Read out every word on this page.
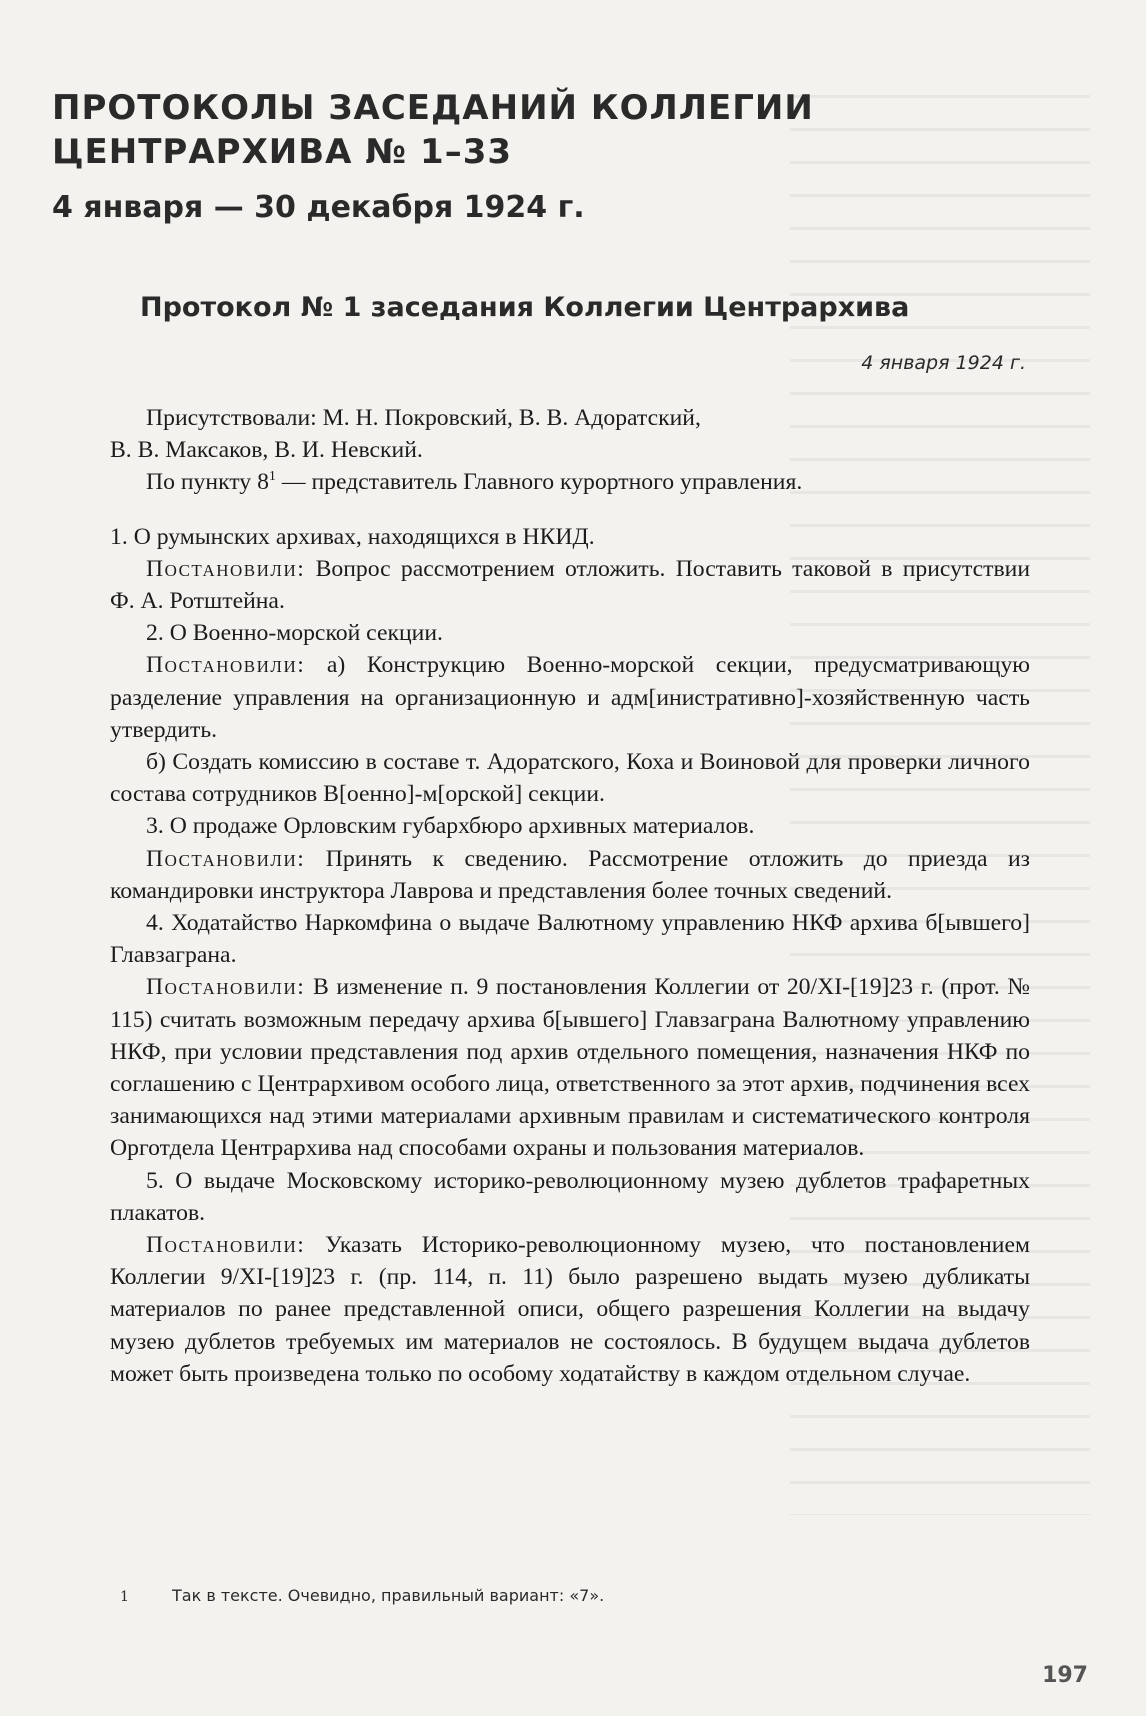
ПРОТОКОЛЫ ЗАСЕДАНИЙ КОЛЛЕГИИ
ЦЕНТРАРХИВА № 1–33
4 января — 30 декабря 1924 г.
Протокол № 1 заседания Коллегии Центрархива
4 января 1924 г.

Присутствовали: М. Н. Покровский, В. В. Адоратский,
В. В. Максаков, В. И. Невский.

По пункту 8$^1$ — представитель Главного курортного управления.

1. О румынских архивах, находящихся в НКИД.

Постановили: Вопрос рассмотрением отложить. Поставить таковой в присутствии Ф. А. Ротштейна.

2. О Военно-морской секции.

Постановили: а) Конструкцию Военно-морской секции, предусматривающую разделение управления на организационную и адм[инистративно]-хозяйственную часть утвердить.

б) Создать комиссию в составе т. Адоратского, Коха и Воиновой для проверки личного состава сотрудников В[оенно]-м[орской] секции.

3. О продаже Орловским губархбюро архивных материалов.

Постановили: Принять к сведению. Рассмотрение отложить до приезда из командировки инструктора Лаврова и представления более точных сведений.

4. Ходатайство Наркомфина о выдаче Валютному управлению НКФ архива б[ывшего] Главзаграна.

Постановили: В изменение п. 9 постановления Коллегии от 20/XI-[19]23 г. (прот. № 115) считать возможным передачу архива б[ывшего] Главзаграна Валютному управлению НКФ, при условии представления под архив отдельного помещения, назначения НКФ по соглашению с Центрархивом особого лица, ответственного за этот архив, подчинения всех занимающихся над этими материалами архивным правилам и систематического контроля Орготдела Центрархива над способами охраны и пользования материалов.

5. О выдаче Московскому историко-революционному музею дублетов трафаретных плакатов.

Постановили: Указать Историко-революционному музею, что постановлением Коллегии 9/XI-[19]23 г. (пр. 114, п. 11) было разрешено выдать музею дубликаты материалов по ранее представленной описи, общего разрешения Коллегии на выдачу музею дублетов требуемых им материалов не состоялось. В будущем выдача дублетов может быть произведена только по особому ходатайству в каждом отдельном случае.

1	Так в тексте. Очевидно, правильный вариант: «7».
197
